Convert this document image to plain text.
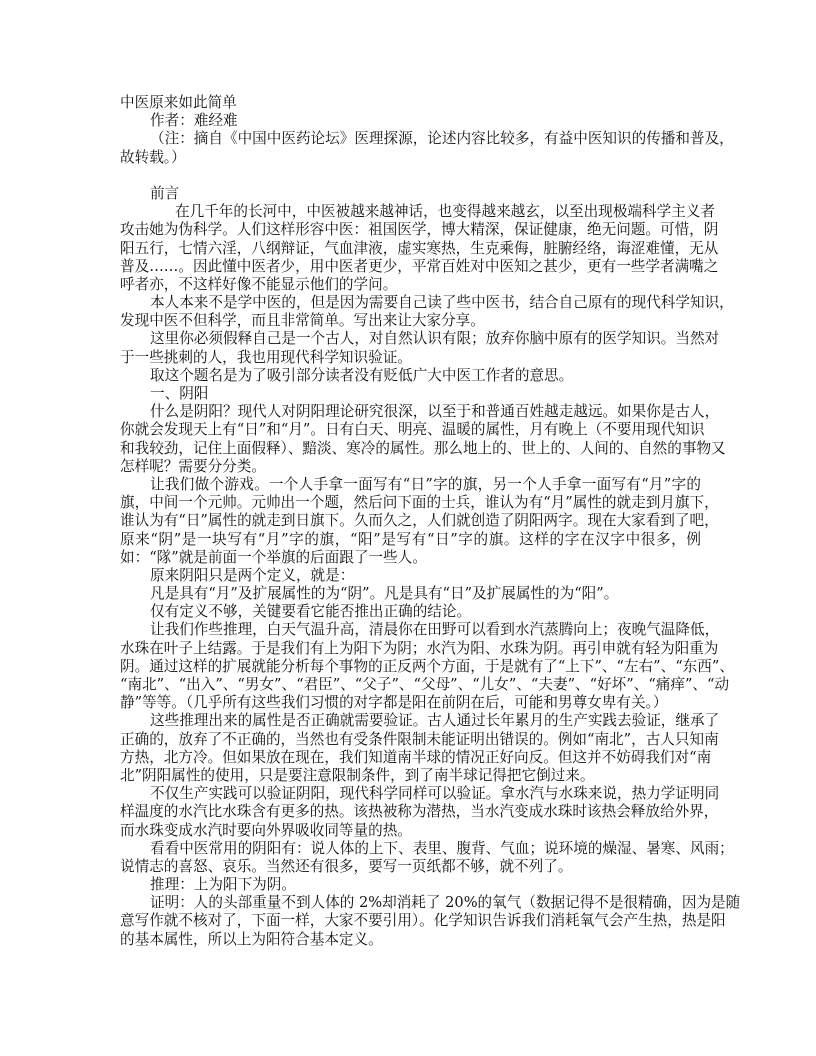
中医原来如此简单
作者：难经难
（注：摘自《中国中医药论坛》医理探源，论述内容比较多，有益中医知识的传播和普及，
故转载。）
前言
在几千年的长河中，中医被越来越神话，也变得越来越玄，以至出现极端科学主义者
攻击她为伪科学。人们这样形容中医：祖国医学，博大精深，保证健康，绝无问题。可惜，阴
阳五行，七情六淫，八纲辩证，气血津液，虚实寒热，生克乘侮，脏腑经络，诲涩难懂，无从
普及……。因此懂中医者少，用中医者更少，平常百姓对中医知之甚少，更有一些学者满嘴之
呼者亦，不这样好像不能显示他们的学问。
本人本来不是学中医的，但是因为需要自己读了些中医书，结合自己原有的现代科学知识，
发现中医不但科学，而且非常简单。写出来让大家分享。
这里你必须假释自己是一个古人，对自然认识有限；放弃你脑中原有的医学知识。当然对
于一些挑刺的人，我也用现代科学知识验证。
取这个题名是为了吸引部分读者没有贬低广大中医工作者的意思。
一、阴阳
什么是阴阳？现代人对阴阳理论研究很深，以至于和普通百姓越走越远。如果你是古人，
你就会发现天上有“日”和“月”。日有白天、明亮、温暖的属性，月有晚上（不要用现代知识
和我较劲，记住上面假释）、黯淡、寒冷的属性。那么地上的、世上的、人间的、自然的事物又
怎样呢？需要分分类。
让我们做个游戏。一个人手拿一面写有“日”字的旗，另一个人手拿一面写有“月”字的
旗，中间一个元帅。元帅出一个题，然后问下面的士兵，谁认为有“月”属性的就走到月旗下，
谁认为有“日”属性的就走到日旗下。久而久之，人们就创造了阴阳两字。现在大家看到了吧，
原来“阴”是一块写有“月”字的旗，“阳”是写有“日”字的旗。这样的字在汉字中很多，例
如：“隊”就是前面一个举旗的后面跟了一些人。
原来阴阳只是两个定义，就是：
凡是具有“月”及扩展属性的为“阴”。凡是具有“日”及扩展属性的为“阳”。
仅有定义不够，关键要看它能否推出正确的结论。
让我们作些推理，白天气温升高，清晨你在田野可以看到水汽蒸腾向上；夜晚气温降低，
水珠在叶子上结露。于是我们有上为阳下为阴；水汽为阳、水珠为阴。再引申就有轻为阳重为
阴。通过这样的扩展就能分析每个事物的正反两个方面，于是就有了“上下”、“左右”、“东西”、
“南北”、“出入”、“男女”、“君臣”、“父子”、“父母”、“儿女”、“夫妻”、“好坏”、“痛痒”、“动
静”等等。（几乎所有这些我们习惯的对字都是阳在前阴在后，可能和男尊女卑有关。）
这些推理出来的属性是否正确就需要验证。古人通过长年累月的生产实践去验证，继承了
正确的，放弃了不正确的，当然也有受条件限制未能证明出错误的。例如“南北”，古人只知南
方热，北方冷。但如果放在现在，我们知道南半球的情况正好向反。但这并不妨碍我们对“南
北”阴阳属性的使用，只是要注意限制条件，到了南半球记得把它倒过来。
不仅生产实践可以验证阴阳，现代科学同样可以验证。拿水汽与水珠来说，热力学证明同
样温度的水汽比水珠含有更多的热。该热被称为潜热，当水汽变成水珠时该热会释放给外界，
而水珠变成水汽时要向外界吸收同等量的热。
看看中医常用的阴阳有：说人体的上下、表里、腹背、气血；说环境的燥湿、暑寒、风雨；
说情志的喜怒、哀乐。当然还有很多，要写一页纸都不够，就不列了。
推理：上为阳下为阴。
证明：人的头部重量不到人体的 2%却消耗了 20%的氧气（数据记得不是很精确，因为是随
意写作就不核对了，下面一样，大家不要引用）。化学知识告诉我们消耗氧气会产生热，热是阳
的基本属性，所以上为阳符合基本定义。
